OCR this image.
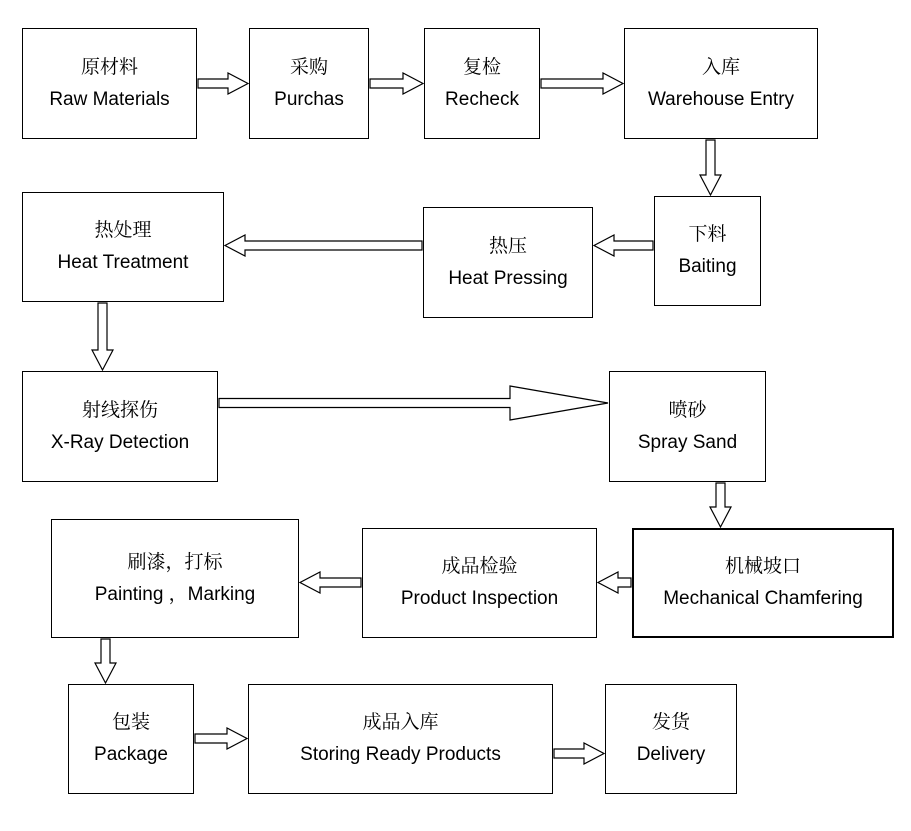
原材料
Raw Materials
采购
Purchas
复检
Recheck
入库
Warehouse Entry
下料
Baiting
热压
Heat Pressing
热处理
Heat Treatment
射线探伤
X-Ray Detection
喷砂
Spray Sand
机械坡口
Mechanical Chamfering
成品检验
Product Inspection
刷漆，打标
Painting ，Marking
包装
Package
成品入库
Storing Ready Products
发货
Delivery
